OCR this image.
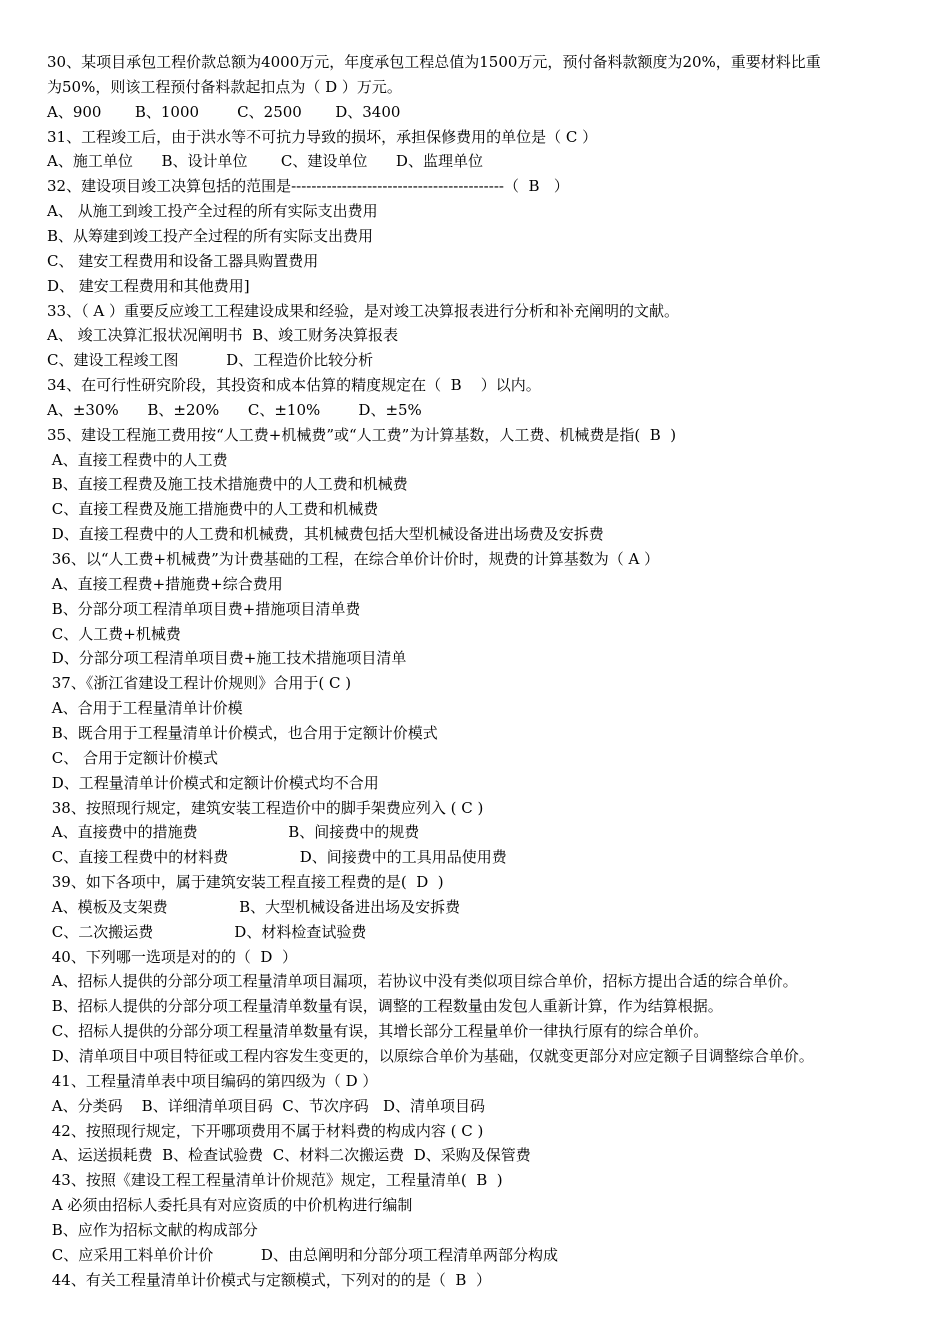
30、某项目承包工程价款总额为4000万元，年度承包工程总值为1500万元，预付备料款额度为20%，重要材料比重

为50%，则该工程预付备料款起扣点为（ D ）万元。

A、900       B、1000        C、2500       D、3400

31、工程竣工后，由于洪水等不可抗力导致的损坏，承担保修费用的单位是（ C ）

A、施工单位      B、设计单位       C、建设单位      D、监理单位

32、建设项目竣工决算包括的范围是------------------------------------------（  B   ）

A、 从施工到竣工投产全过程的所有实际支出费用

B、从筹建到竣工投产全过程的所有实际支出费用

C、 建安工程费用和设备工器具购置费用

D、 建安工程费用和其他费用]

33、（ A ）重要反应竣工工程建设成果和经验，是对竣工决算报表进行分析和补充阐明的文献。

A、 竣工决算汇报状况阐明书  B、竣工财务决算报表

C、建设工程竣工图          D、工程造价比较分析

34、在可行性研究阶段，其投资和成本估算的精度规定在（  B    ）以内。

A、±30%      B、±20%      C、±10%        D、±5%

35、建设工程施工费用按“人工费+机械费”或“人工费”为计算基数，人工费、机械费是指(  B  )

A、直接工程费中的人工费

B、直接工程费及施工技术措施费中的人工费和机械费

C、直接工程费及施工措施费中的人工费和机械费

D、直接工程费中的人工费和机械费，其机械费包括大型机械设备进出场费及安拆费

36、以“人工费+机械费”为计费基础的工程，在综合单价计价时，规费的计算基数为（ A ）

A、直接工程费+措施费+综合费用

B、分部分项工程清单项目费+措施项目清单费

C、人工费+机械费

D、分部分项工程清单项目费+施工技术措施项目清单

37、《浙江省建设工程计价规则》合用于( C )

A、合用于工程量清单计价模

B、既合用于工程量清单计价模式，也合用于定额计价模式

C、 合用于定额计价模式

D、工程量清单计价模式和定额计价模式均不合用

38、按照现行规定，建筑安装工程造价中的脚手架费应列入 ( C )

A、直接费中的措施费                   B、间接费中的规费

C、直接工程费中的材料费               D、间接费中的工具用品使用费

39、如下各项中，属于建筑安装工程直接工程费的是(  D  )

A、模板及支架费               B、大型机械设备进出场及安拆费

C、二次搬运费                 D、材料检查试验费

40、下列哪一选项是对的的（  D  ）

A、招标人提供的分部分项工程量清单项目漏项，若协议中没有类似项目综合单价，招标方提出合适的综合单价。

B、招标人提供的分部分项工程量清单数量有误，调整的工程数量由发包人重新计算，作为结算根据。

C、招标人提供的分部分项工程量清单数量有误，其增长部分工程量单价一律执行原有的综合单价。

D、清单项目中项目特征或工程内容发生变更的，以原综合单价为基础，仅就变更部分对应定额子目调整综合单价。

41、工程量清单表中项目编码的第四级为（ D ）

A、分类码    B、详细清单项目码  C、节次序码   D、清单项目码

42、按照现行规定，下开哪项费用不属于材料费的构成内容 ( C )

A、运送损耗费  B、检查试验费  C、材料二次搬运费  D、采购及保管费

43、按照《建设工程工程量清单计价规范》规定，工程量清单(  B  )

A 必须由招标人委托具有对应资质的中价机构进行编制

B、应作为招标文献的构成部分

C、应采用工料单价计价          D、由总阐明和分部分项工程清单两部分构成

44、有关工程量清单计价模式与定额模式，下列对的的是（  B  ）
